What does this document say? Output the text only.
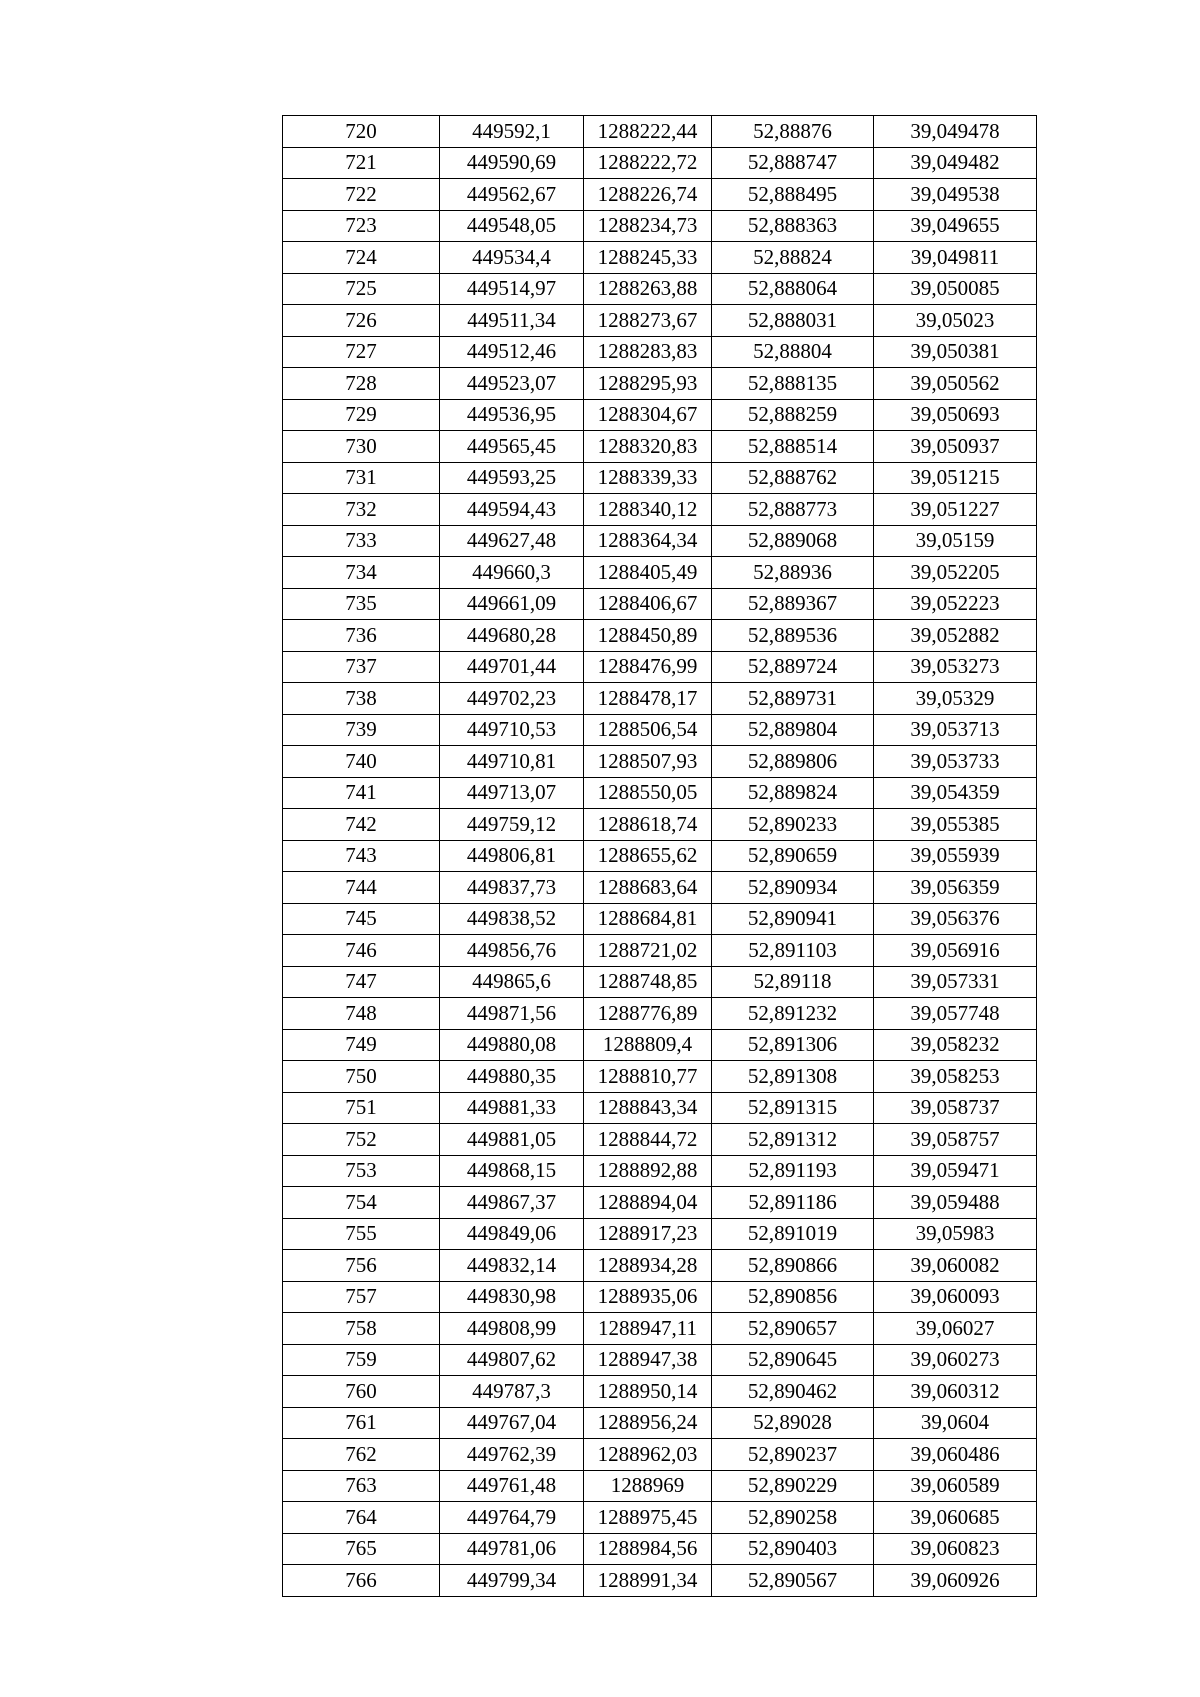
720	449592,1	1288222,44	52,88876	39,049478
721	449590,69	1288222,72	52,888747	39,049482
722	449562,67	1288226,74	52,888495	39,049538
723	449548,05	1288234,73	52,888363	39,049655
724	449534,4	1288245,33	52,88824	39,049811
725	449514,97	1288263,88	52,888064	39,050085
726	449511,34	1288273,67	52,888031	39,05023
727	449512,46	1288283,83	52,88804	39,050381
728	449523,07	1288295,93	52,888135	39,050562
729	449536,95	1288304,67	52,888259	39,050693
730	449565,45	1288320,83	52,888514	39,050937
731	449593,25	1288339,33	52,888762	39,051215
732	449594,43	1288340,12	52,888773	39,051227
733	449627,48	1288364,34	52,889068	39,05159
734	449660,3	1288405,49	52,88936	39,052205
735	449661,09	1288406,67	52,889367	39,052223
736	449680,28	1288450,89	52,889536	39,052882
737	449701,44	1288476,99	52,889724	39,053273
738	449702,23	1288478,17	52,889731	39,05329
739	449710,53	1288506,54	52,889804	39,053713
740	449710,81	1288507,93	52,889806	39,053733
741	449713,07	1288550,05	52,889824	39,054359
742	449759,12	1288618,74	52,890233	39,055385
743	449806,81	1288655,62	52,890659	39,055939
744	449837,73	1288683,64	52,890934	39,056359
745	449838,52	1288684,81	52,890941	39,056376
746	449856,76	1288721,02	52,891103	39,056916
747	449865,6	1288748,85	52,89118	39,057331
748	449871,56	1288776,89	52,891232	39,057748
749	449880,08	1288809,4	52,891306	39,058232
750	449880,35	1288810,77	52,891308	39,058253
751	449881,33	1288843,34	52,891315	39,058737
752	449881,05	1288844,72	52,891312	39,058757
753	449868,15	1288892,88	52,891193	39,059471
754	449867,37	1288894,04	52,891186	39,059488
755	449849,06	1288917,23	52,891019	39,05983
756	449832,14	1288934,28	52,890866	39,060082
757	449830,98	1288935,06	52,890856	39,060093
758	449808,99	1288947,11	52,890657	39,06027
759	449807,62	1288947,38	52,890645	39,060273
760	449787,3	1288950,14	52,890462	39,060312
761	449767,04	1288956,24	52,89028	39,0604
762	449762,39	1288962,03	52,890237	39,060486
763	449761,48	1288969	52,890229	39,060589
764	449764,79	1288975,45	52,890258	39,060685
765	449781,06	1288984,56	52,890403	39,060823
766	449799,34	1288991,34	52,890567	39,060926
